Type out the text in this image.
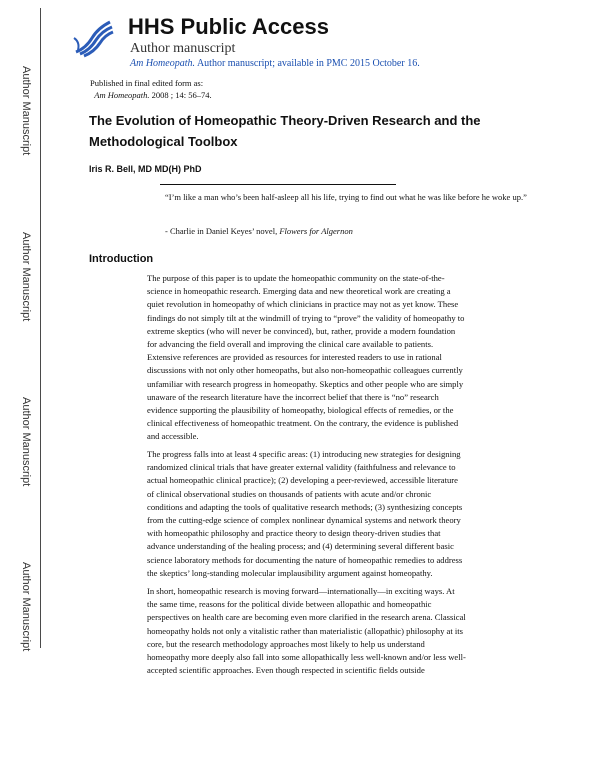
Author Manuscript
Author Manuscript
Author Manuscript
Author Manuscript
HHS Public Access
Author manuscript
Am Homeopath. Author manuscript; available in PMC 2015 October 16.
Published in final edited form as:
Am Homeopath. 2008 ; 14: 56–74.
The Evolution of Homeopathic Theory-Driven Research and the Methodological Toolbox
Iris R. Bell, MD MD(H) PhD
“I’m like a man who’s been half-asleep all his life, trying to find out what he was like before he woke up.”
- Charlie in Daniel Keyes’ novel, Flowers for Algernon
Introduction
The purpose of this paper is to update the homeopathic community on the state-of-the-
science in homeopathic research. Emerging data and new theoretical work are creating a
quiet revolution in homeopathy of which clinicians in practice may not as yet know. These
findings do not simply tilt at the windmill of trying to “prove” the validity of homeopathy to
extreme skeptics (who will never be convinced), but, rather, provide a modern foundation
for advancing the field overall and improving the clinical care available to patients.
Extensive references are provided as resources for interested readers to use in rational
discussions with not only other homeopaths, but also non-homeopathic colleagues currently
unfamiliar with research progress in homeopathy. Skeptics and other people who are simply
unaware of the research literature have the incorrect belief that there is “no” research
evidence supporting the plausibility of homeopathy, biological effects of remedies, or the
clinical effectiveness of homeopathic treatment. On the contrary, the evidence is published
and accessible.
The progress falls into at least 4 specific areas: (1) introducing new strategies for designing
randomized clinical trials that have greater external validity (faithfulness and relevance to
actual homeopathic clinical practice); (2) developing a peer-reviewed, accessible literature
of clinical observational studies on thousands of patients with acute and/or chronic
conditions and adapting the tools of qualitative research methods; (3) synthesizing concepts
from the cutting-edge science of complex nonlinear dynamical systems and network theory
with homeopathic philosophy and practice theory to design theory-driven studies that
advance understanding of the healing process; and (4) determining several different basic
science laboratory methods for documenting the nature of homeopathic remedies to address
the skeptics’ long-standing molecular implausibility argument against homeopathy.
In short, homeopathic research is moving forward—internationally—in exciting ways. At
the same time, reasons for the political divide between allopathic and homeopathic
perspectives on health care are becoming even more clarified in the research arena. Classical
homeopathy holds not only a vitalistic rather than materialistic (allopathic) philosophy at its
core, but the research methodology approaches most likely to help us understand
homeopathy more deeply also fall into some allopathically less well-known and/or less well-
accepted scientific approaches. Even though respected in scientific fields outside
